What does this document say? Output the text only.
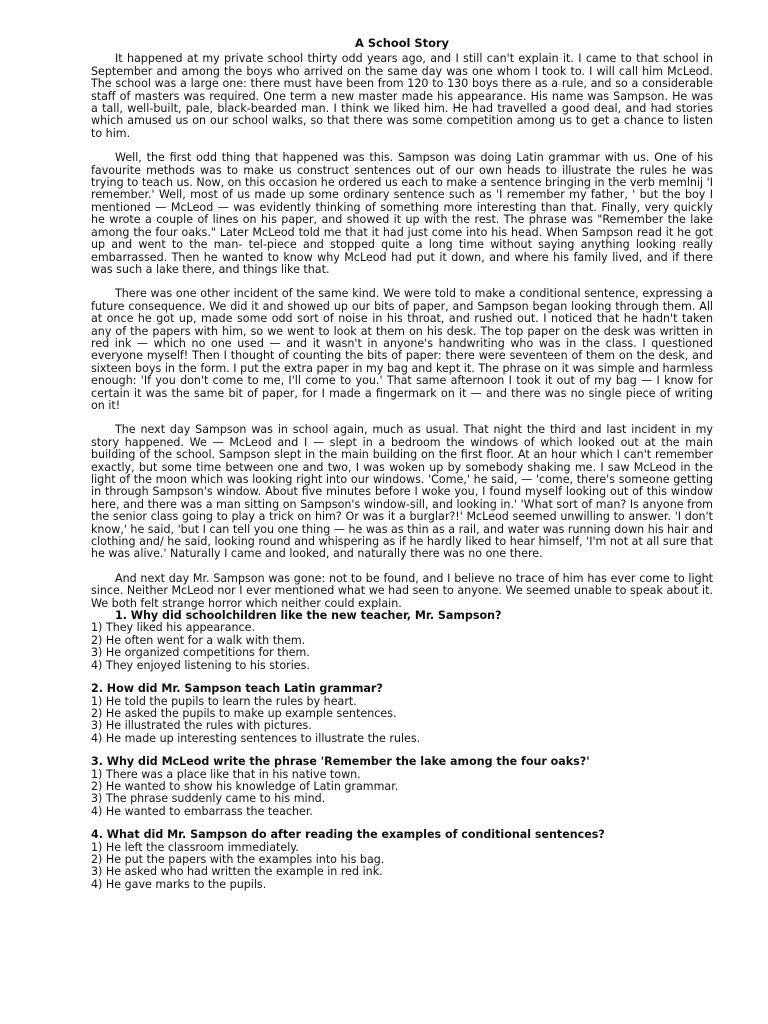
A School Story

It happened at my private school thirty odd years ago, and I still can't explain it. I came to that school in September and among the boys who arrived on the same day was one whom I took to. I will call him McLeod. The school was a large one: there must have been from 120 to 130 boys there as a rule, and so a considerable staff of masters was required. One term a new master made his appearance. His name was Sampson. He was a tall, well-built, pale, black-bearded man. I think we liked him. He had travelled a good deal, and had stories which amused us on our school walks, so that there was some competition among us to get a chance to listen to him.

Well, the first odd thing that happened was this. Sampson was doing Latin grammar with us. One of his favourite methods was to make us construct sentences out of our own heads to illustrate the rules he was trying to teach us. Now, on this occasion he ordered us each to make a sentence bringing in the verb memlnij 'I remember.' Well, most of us made up some ordinary sentence such as 'I remember my father, ' but the boy I mentioned — McLeod — was evidently thinking of something more interesting than that. Finally, very quickly he wrote a couple of lines on his paper, and showed it up with the rest. The phrase was "Remember the lake among the four oaks." Later McLeod told me that it had just come into his head. When Sampson read it he got up and went to the man- tel-piece and stopped quite a long time without saying anything looking really embarrassed. Then he wanted to know why McLeod had put it down, and where his family lived, and if there was such a lake there, and things like that.

There was one other incident of the same kind. We were told to make a conditional sentence, expressing a future consequence. We did it and showed up our bits of paper, and Sampson began looking through them. All at once he got up, made some odd sort of noise in his throat, and rushed out. I noticed that he hadn't taken any of the papers with him, so we went to look at them on his desk. The top paper on the desk was written in red ink — which no one used — and it wasn't in anyone's handwriting who was in the class. I questioned everyone myself! Then I thought of counting the bits of paper: there were seventeen of them on the desk, and sixteen boys in the form. I put the extra paper in my bag and kept it. The phrase on it was simple and harmless enough: 'If you don't come to me, I'll come to you.' That same afternoon I took it out of my bag — I know for certain it was the same bit of paper, for I made a fingermark on it — and there was no single piece of writing on it!

The next day Sampson was in school again, much as usual. That night the third and last incident in my story happened. We — McLeod and I — slept in a bedroom the windows of which looked out at the main building of the school. Sampson slept in the main building on the first floor. At an hour which I can't remember exactly, but some time between one and two, I was woken up by somebody shaking me. I saw McLeod in the light of the moon which was looking right into our windows. 'Come,' he said, — 'come, there's someone getting in through Sampson's window. About five minutes before I woke you, I found myself looking out of this window here, and there was a man sitting on Sampson's window-sill, and looking in.' 'What sort of man? Is anyone from the senior class going to play a trick on him? Or was it a burglar?!' McLeod seemed unwilling to answer. 'I don't know,' he said, 'but I can tell you one thing — he was as thin as a rail, and water was running down his hair and clothing and/ he said, looking round and whispering as if he hardly liked to hear himself, 'I'm not at all sure that he was alive.' Naturally I came and looked, and naturally there was no one there.

And next day Mr. Sampson was gone: not to be found, and I believe no trace of him has ever come to light since. Neither McLeod nor I ever mentioned what we had seen to anyone. We seemed unable to speak about it. We both felt strange horror which neither could explain.

1. Why did schoolchildren like the new teacher, Mr. Sampson?
1) They liked his appearance.
2) He often went for a walk with them.
3) He organized competitions for them.
4) They enjoyed listening to his stories.
2. How did Mr. Sampson teach Latin grammar?
1) He told the pupils to learn the rules by heart.
2) He asked the pupils to make up example sentences.
3) He illustrated the rules with pictures.
4) He made up interesting sentences to illustrate the rules.
3. Why did McLeod write the phrase 'Remember the lake among the four oaks?'
1) There was a place like that in his native town.
2) He wanted to show his knowledge of Latin grammar.
3) The phrase suddenly came to his mind.
4) He wanted to embarrass the teacher.
4. What did Mr. Sampson do after reading the examples of conditional sentences?
1) He left the classroom immediately.
2) He put the papers with the examples into his bag.
3) He asked who had written the example in red ink.
4) He gave marks to the pupils.
